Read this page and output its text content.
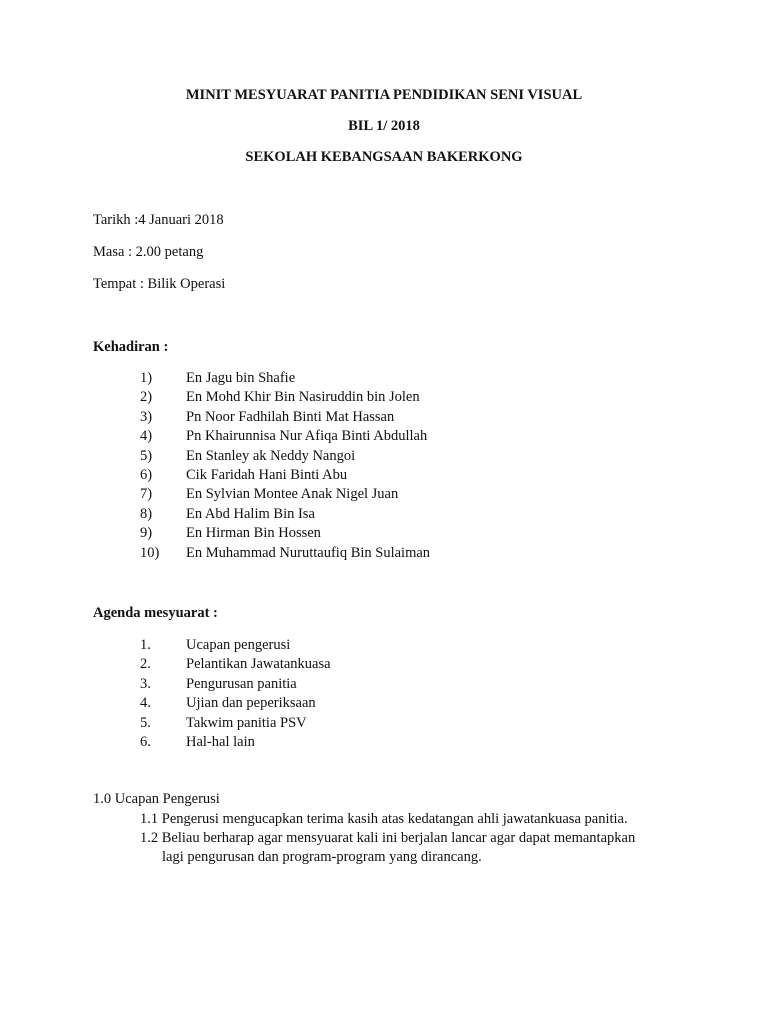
MINIT MESYUARAT PANITIA PENDIDIKAN SENI VISUAL
BIL 1/ 2018
SEKOLAH KEBANGSAAN BAKERKONG
Tarikh :4 Januari 2018
Masa : 2.00 petang
Tempat : Bilik Operasi
Kehadiran :
1) En Jagu bin Shafie
2) En Mohd Khir Bin Nasiruddin bin Jolen
3) Pn Noor Fadhilah Binti Mat Hassan
4) Pn Khairunnisa Nur Afiqa Binti Abdullah
5) En Stanley ak Neddy Nangoi
6) Cik Faridah Hani Binti Abu
7) En Sylvian Montee Anak Nigel Juan
8) En Abd Halim Bin Isa
9) En Hirman Bin Hossen
10) En Muhammad Nuruttaufiq Bin Sulaiman
Agenda mesyuarat :
1. Ucapan pengerusi
2. Pelantikan Jawatankuasa
3. Pengurusan panitia
4. Ujian dan peperiksaan
5. Takwim panitia PSV
6. Hal-hal lain
1.0 Ucapan Pengerusi
1.1 Pengerusi mengucapkan terima kasih atas kedatangan ahli jawatankuasa panitia.
1.2 Beliau berharap agar mensyuarat kali ini berjalan lancar agar dapat memantapkan
lagi pengurusan dan program-program yang dirancang.
